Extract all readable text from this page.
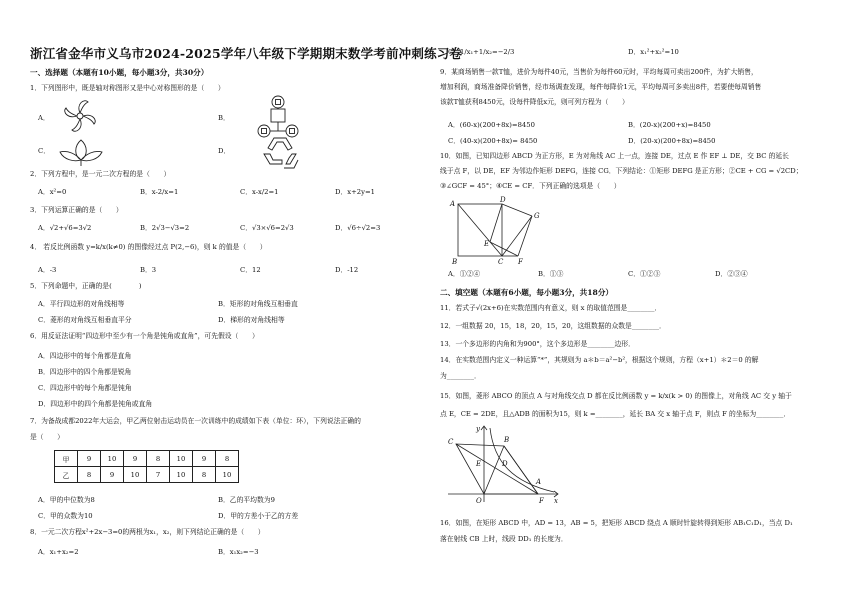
浙江省金华市义乌市2024-2025学年八年级下学期期末数学考前冲刺练习卷
一、选择题（本题有10小题，每小题3分，共30分）
1．下列图形中，既是轴对称图形又是中心对称图形的是（　　）
A．	B．
C．	D．
2．下列方程中，是一元二次方程的是（　　）
A．x²=0	B．x-2/x=1	C．x-x/2=1	D．x+2y=1
3．下列运算正确的是（　　）
A．√2+√6=3√2	B．2√3−√3=2	C．√3×√6=2√3	D．√6÷√2=3
4． 若反比例函数 y=k/x(k≠0) 的图像经过点 P(2,−6)，则 k 的值是（　　）
A．-3	B．3	C．12	D．-12
5．下列命题中，正确的是(　　　　)
A．平行四边形的对角线相等	B．矩形的对角线互相垂直
C．菱形的对角线互相垂直平分	D．梯形的对角线相等
6．用反证法证明“四边形中至少有一个角是钝角或直角”，可先假设（　　）
A．四边形中的每个角都是直角
B．四边形中的四个角都是锐角
C．四边形中的每个角都是钝角
D．四边形中的四个角都是钝角或直角
7．为备战成都2022年大运会，甲乙两位射击运动员在一次训练中的成绩如下表（单位：环），下列说法正确的
是（　　）
甲	9	10	9	8	10	9	8
乙	8	9	10	7	10	8	10
A．甲的中位数为8	B．乙的平均数为9
C．甲的众数为10	D．甲的方差小于乙的方差
8．一元二次方程x²+2x−3=0的两根为x₁，x₂，则下列结论正确的是（　　）
A．x₁+x₂=2	B．x₁x₂=−3
C．1/x₁+1/x₂=−2/3	D．x₁²+x₂²=10
9．某商场销售一款T恤，进价为每件40元，当售价为每件60元时，平均每周可卖出200件，为扩大销售，
增加利润，商场准备降价销售，经市场调查发现，每件每降价1元，平均每周可多卖出8件，若要使每周销售
该款T恤获利8450元，设每件降低x元，则可列方程为（　　）
A．(60-x)(200+8x)=8450	B．(20-x)(200+x)=8450
C．(40-x)(200+8x)= 8450	D．(20-x)(200+8x)=8450
10．如图，已知四边形 ABCD 为正方形，E 为对角线 AC 上一点，连接 DE，过点 E 作 EF ⊥ DE，交 BC 的延长
线于点 F，以 DE，EF 为邻边作矩形 DEFG，连接 CG．下列结论：①矩形 DEFG 是正方形；②CE + CG = √2CD；
③∠GCF = 45°；④CE = CF．下列正确的选项是（　　）
A	D
G
E
B	C F
A．①②④	B．①③	C．①②③	D．②③④
二、填空题（本题有6小题，每小题3分，共18分）
11．若式子√(2x+6)在实数范围内有意义，则 x 的取值范围是________．
12．一组数据 20，15，18，20，15，20，这组数据的众数是________．
13．一个多边形的内角和为900°，这个多边形是________边形．
14．在实数范围内定义一种运算“*”，其规则为 a＊b＝a²−b²，根据这个规则，方程（x+1）＊2＝0 的解
为________．
15．如图，菱形 ABCO 的顶点 A 与对角线交点 D 都在反比例函数 y = k/x(k > 0) 的图像上，对角线 AC 交 y 轴于
点 E，CE = 2DE，且△ADB 的面积为15，则 k =________，延长 BA 交 x 轴于点 F，则点 F 的坐标为________．
y
C	B
E	D
A
O	F x
16．如图，在矩形 ABCD 中，AD = 13，AB = 5，把矩形 ABCD 绕点 A 顺时针旋转得到矩形 AB₁C₁D₁，当点 D₁
落在射线 CB 上时，线段 DD₁ 的长度为．
